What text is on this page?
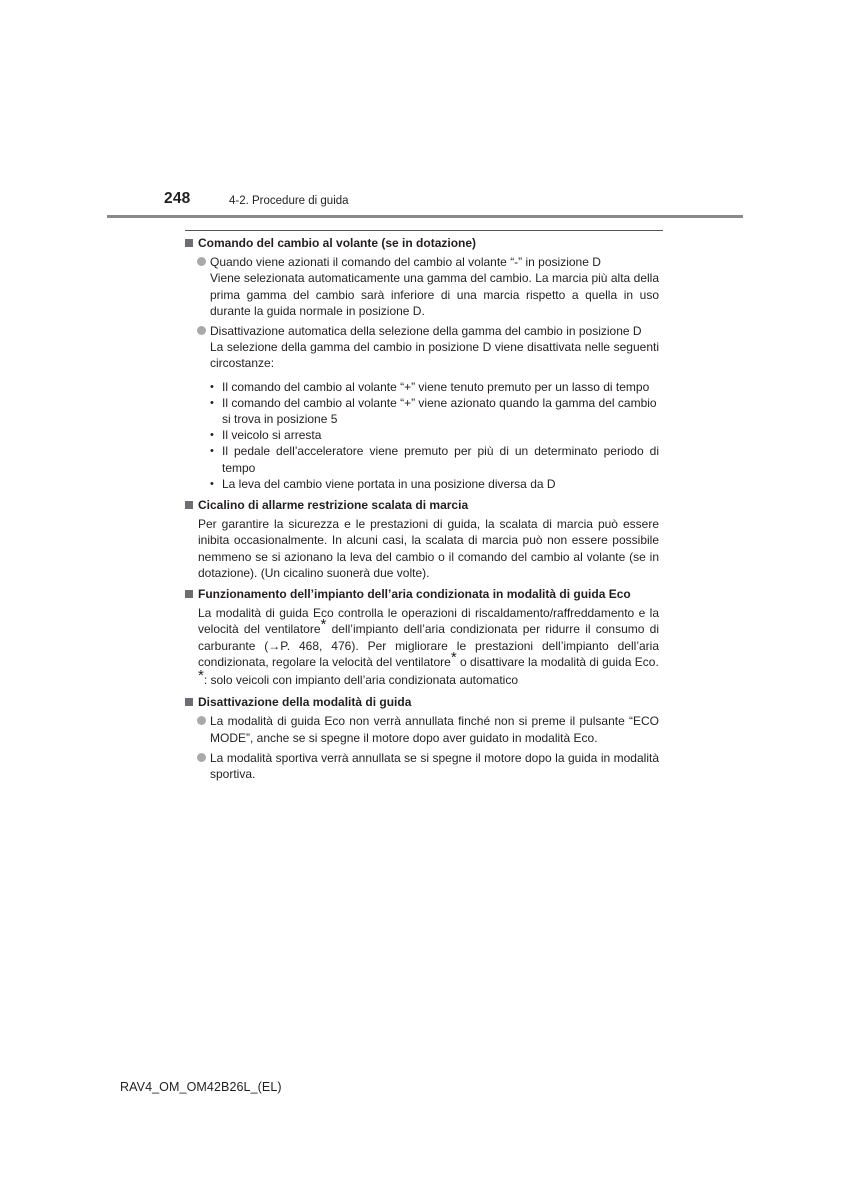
248	4-2. Procedure di guida
Comando del cambio al volante (se in dotazione)
Quando viene azionati il comando del cambio al volante “-” in posizione D
Viene selezionata automaticamente una gamma del cambio. La marcia più alta della prima gamma del cambio sarà inferiore di una marcia rispetto a quella in uso durante la guida normale in posizione D.
Disattivazione automatica della selezione della gamma del cambio in posizione D
La selezione della gamma del cambio in posizione D viene disattivata nelle seguenti circostanze:
• Il comando del cambio al volante “+” viene tenuto premuto per un lasso di tempo
• Il comando del cambio al volante “+” viene azionato quando la gamma del cambio si trova in posizione 5
• Il veicolo si arresta
• Il pedale dell’acceleratore viene premuto per più di un determinato periodo di tempo
• La leva del cambio viene portata in una posizione diversa da D
Cicalino di allarme restrizione scalata di marcia
Per garantire la sicurezza e le prestazioni di guida, la scalata di marcia può essere inibita occasionalmente. In alcuni casi, la scalata di marcia può non essere possibile nemmeno se si azionano la leva del cambio o il comando del cambio al volante (se in dotazione). (Un cicalino suonerà due volte).
Funzionamento dell’impianto dell’aria condizionata in modalità di guida Eco
La modalità di guida Eco controlla le operazioni di riscaldamento/raffreddamento e la velocità del ventilatore* dell’impianto dell’aria condizionata per ridurre il consumo di carburante (→P. 468, 476). Per migliorare le prestazioni dell’impianto dell’aria condizionata, regolare la velocità del ventilatore* o disattivare la modalità di guida Eco.
*: solo veicoli con impianto dell’aria condizionata automatico
Disattivazione della modalità di guida
La modalità di guida Eco non verrà annullata finché non si preme il pulsante “ECO MODE”, anche se si spegne il motore dopo aver guidato in modalità Eco.
La modalità sportiva verrà annullata se si spegne il motore dopo la guida in modalità sportiva.
RAV4_OM_OM42B26L_(EL)
